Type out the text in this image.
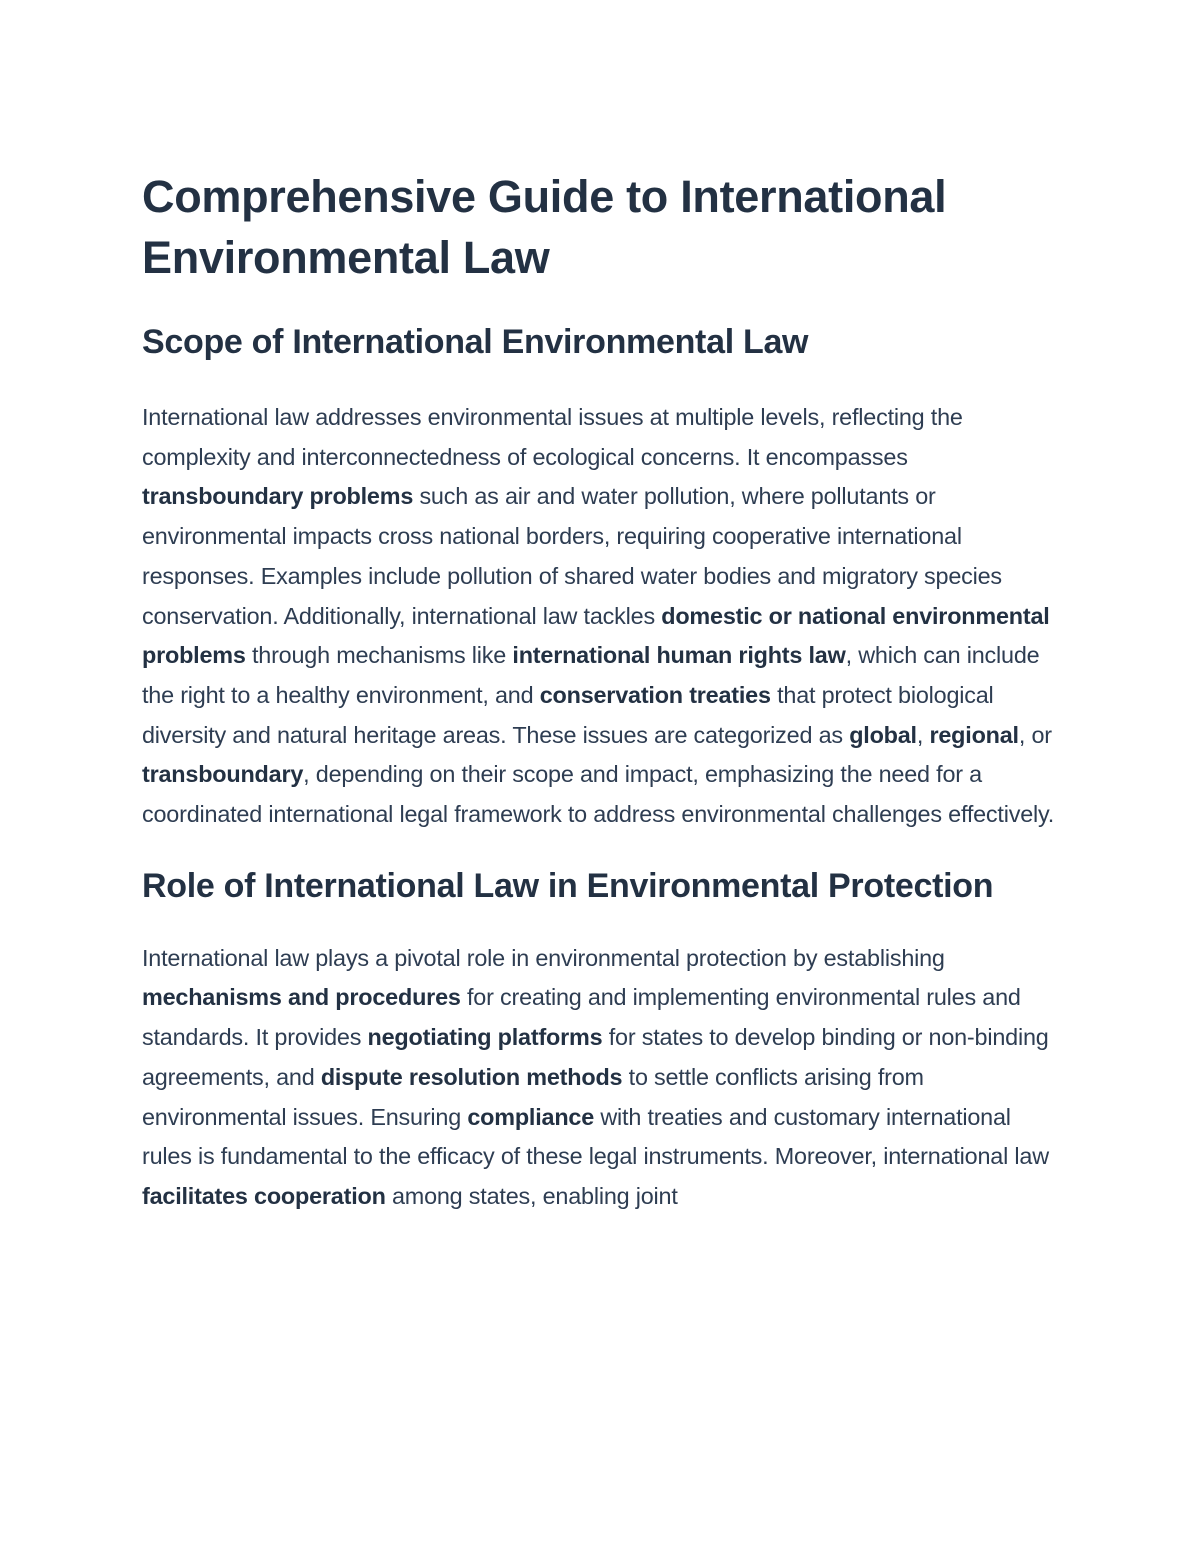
Comprehensive Guide to International Environmental Law
Scope of International Environmental Law

International law addresses environmental issues at multiple levels, reflecting the complexity and interconnectedness of ecological concerns. It encompasses transboundary problems such as air and water pollution, where pollutants or environmental impacts cross national borders, requiring cooperative international responses. Examples include pollution of shared water bodies and migratory species conservation. Additionally, international law tackles domestic or national environmental problems through mechanisms like international human rights law, which can include the right to a healthy environment, and conservation treaties that protect biological diversity and natural heritage areas. These issues are categorized as global, regional, or transboundary, depending on their scope and impact, emphasizing the need for a coordinated international legal framework to address environmental challenges effectively.

Role of International Law in Environmental Protection

International law plays a pivotal role in environmental protection by establishing mechanisms and procedures for creating and implementing environmental rules and standards. It provides negotiating platforms for states to develop binding or non-binding agreements, and dispute resolution methods to settle conflicts arising from environmental issues. Ensuring compliance with treaties and customary international rules is fundamental to the efficacy of these legal instruments. Moreover, international law facilitates cooperation among states, enabling joint
